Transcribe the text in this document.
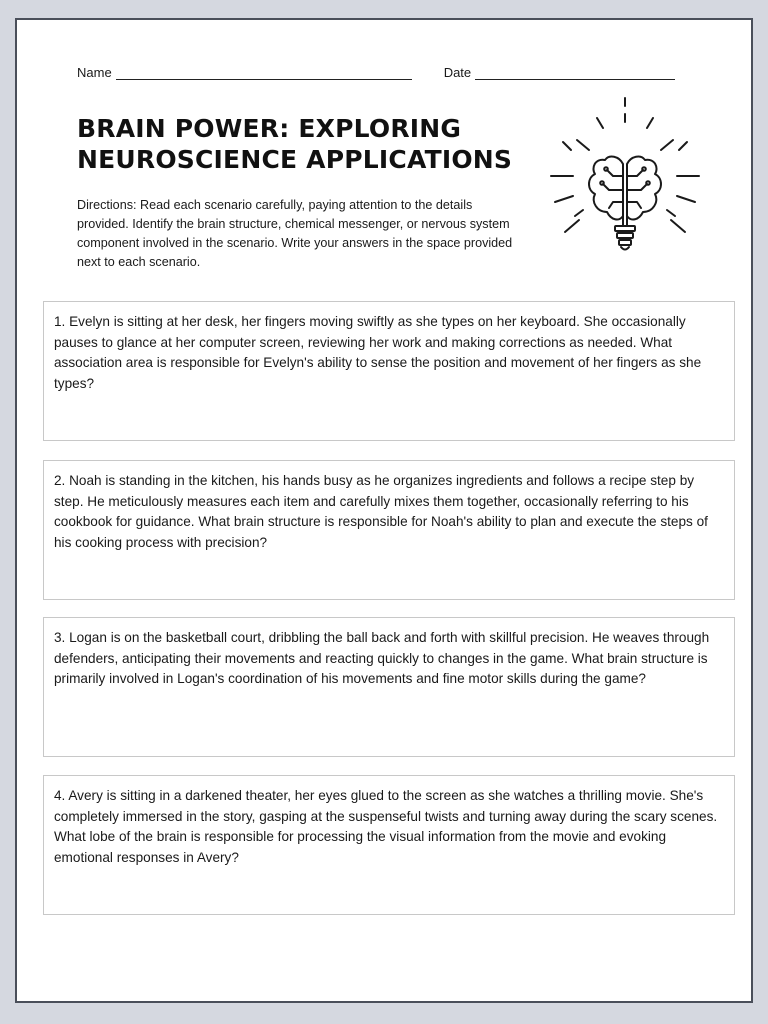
Name	Date
BRAIN POWER: EXPLORING
NEUROSCIENCE APPLICATIONS
Directions: Read each scenario carefully, paying attention to the details provided. Identify the brain structure, chemical messenger, or nervous system component involved in the scenario. Write your answers in the space provided next to each scenario.
1. Evelyn is sitting at her desk, her fingers moving swiftly as she types on her keyboard. She occasionally pauses to glance at her computer screen, reviewing her work and making corrections as needed. What association area is responsible for Evelyn's ability to sense the position and movement of her fingers as she types?
2. Noah is standing in the kitchen, his hands busy as he organizes ingredients and follows a recipe step by step. He meticulously measures each item and carefully mixes them together, occasionally referring to his cookbook for guidance. What brain structure is responsible for Noah's ability to plan and execute the steps of his cooking process with precision?
3. Logan is on the basketball court, dribbling the ball back and forth with skillful precision. He weaves through defenders, anticipating their movements and reacting quickly to changes in the game. What brain structure is primarily involved in Logan's coordination of his movements and fine motor skills during the game?
4. Avery is sitting in a darkened theater, her eyes glued to the screen as she watches a thrilling movie. She's completely immersed in the story, gasping at the suspenseful twists and turning away during the scary scenes. What lobe of the brain is responsible for processing the visual information from the movie and evoking emotional responses in Avery?
